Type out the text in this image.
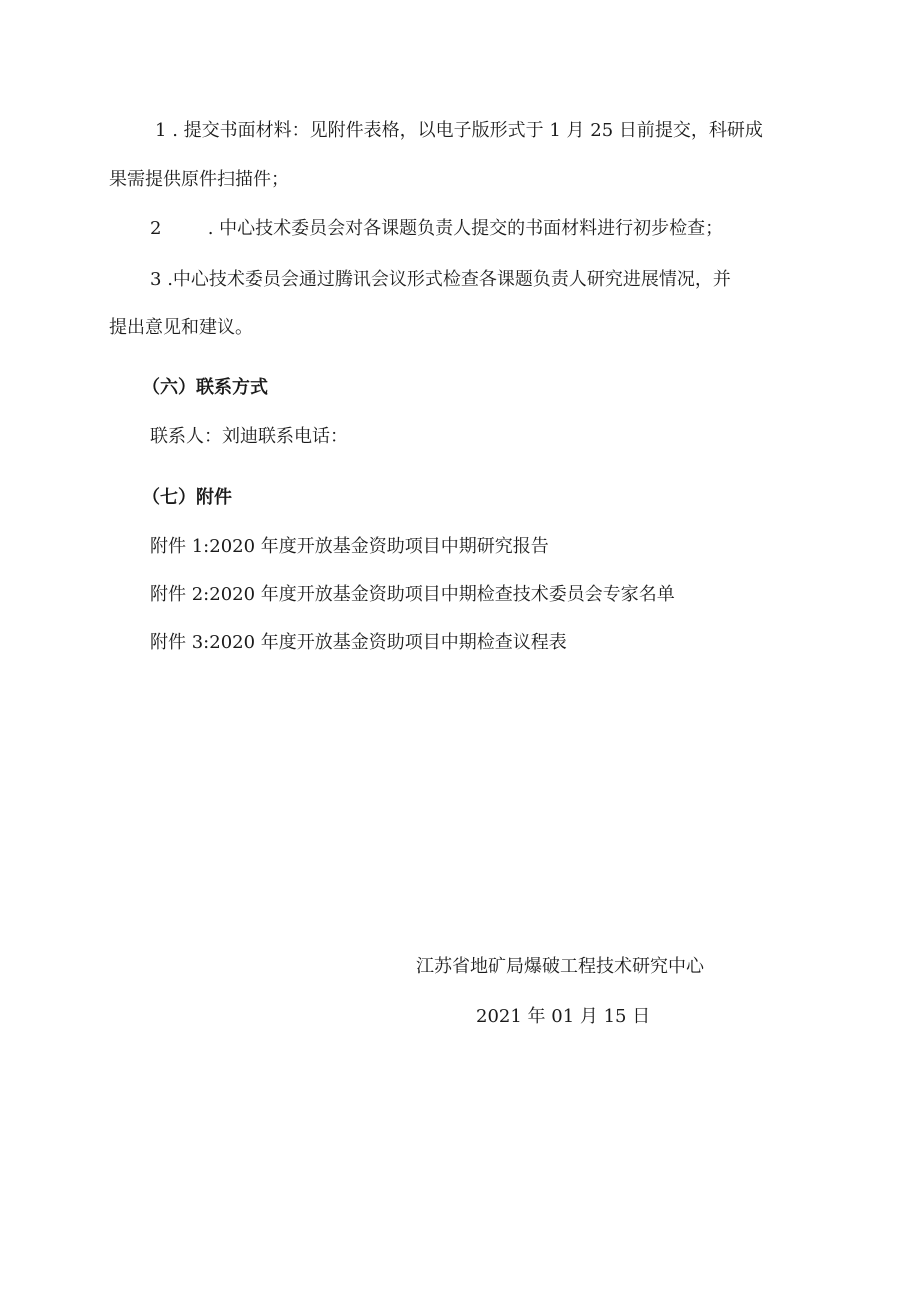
1 . 提交书面材料：见附件表格，以电子版形式于 1 月 25 日前提交，科研成
果需提供原件扫描件；
2	. 中心技术委员会对各课题负责人提交的书面材料进行初步检查；
3 .中心技术委员会通过腾讯会议形式检查各课题负责人研究进展情况，并
提出意见和建议。
（六）联系方式
联系人：刘迪联系电话：
（七）附件
附件 1:2020 年度开放基金资助项目中期研究报告
附件 2:2020 年度开放基金资助项目中期检查技术委员会专家名单
附件 3:2020 年度开放基金资助项目中期检查议程表
江苏省地矿局爆破工程技术研究中心
2021 年 01 月 15 日
